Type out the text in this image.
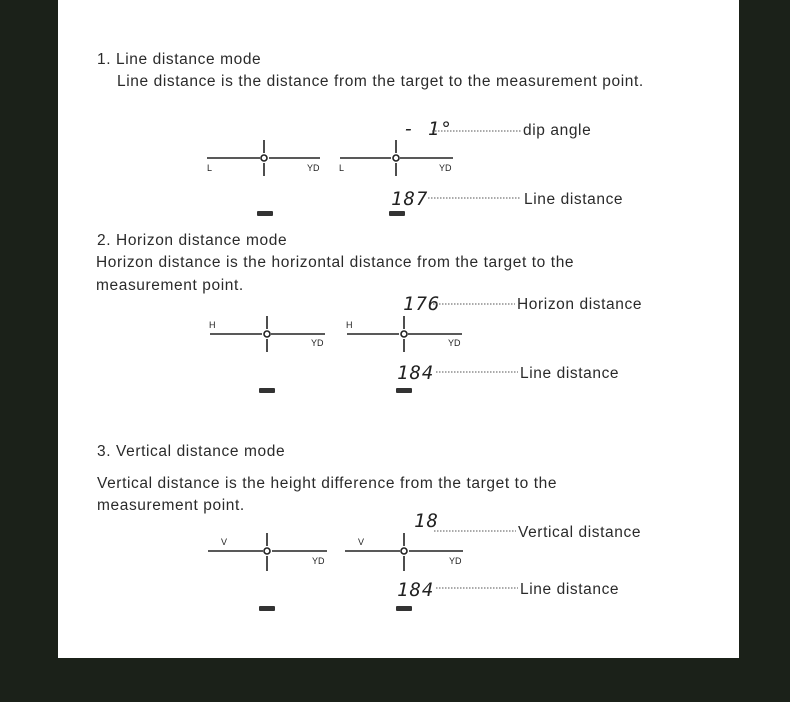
1. Line distance mode
Line distance is the distance from the target to the measurement point.
L	YD L	YD
- 1°
187
dip angle
Line distance
H
YD
H
YD
176
184
Horizon distance
Line distance
V
YD
V
YD
18
184
Vertical distance
Line distance
2. Horizon distance mode
Horizon distance is the horizontal distance from the target to the
measurement point.
3. Vertical distance mode
Vertical distance is the height difference from the target to the
measurement point.
